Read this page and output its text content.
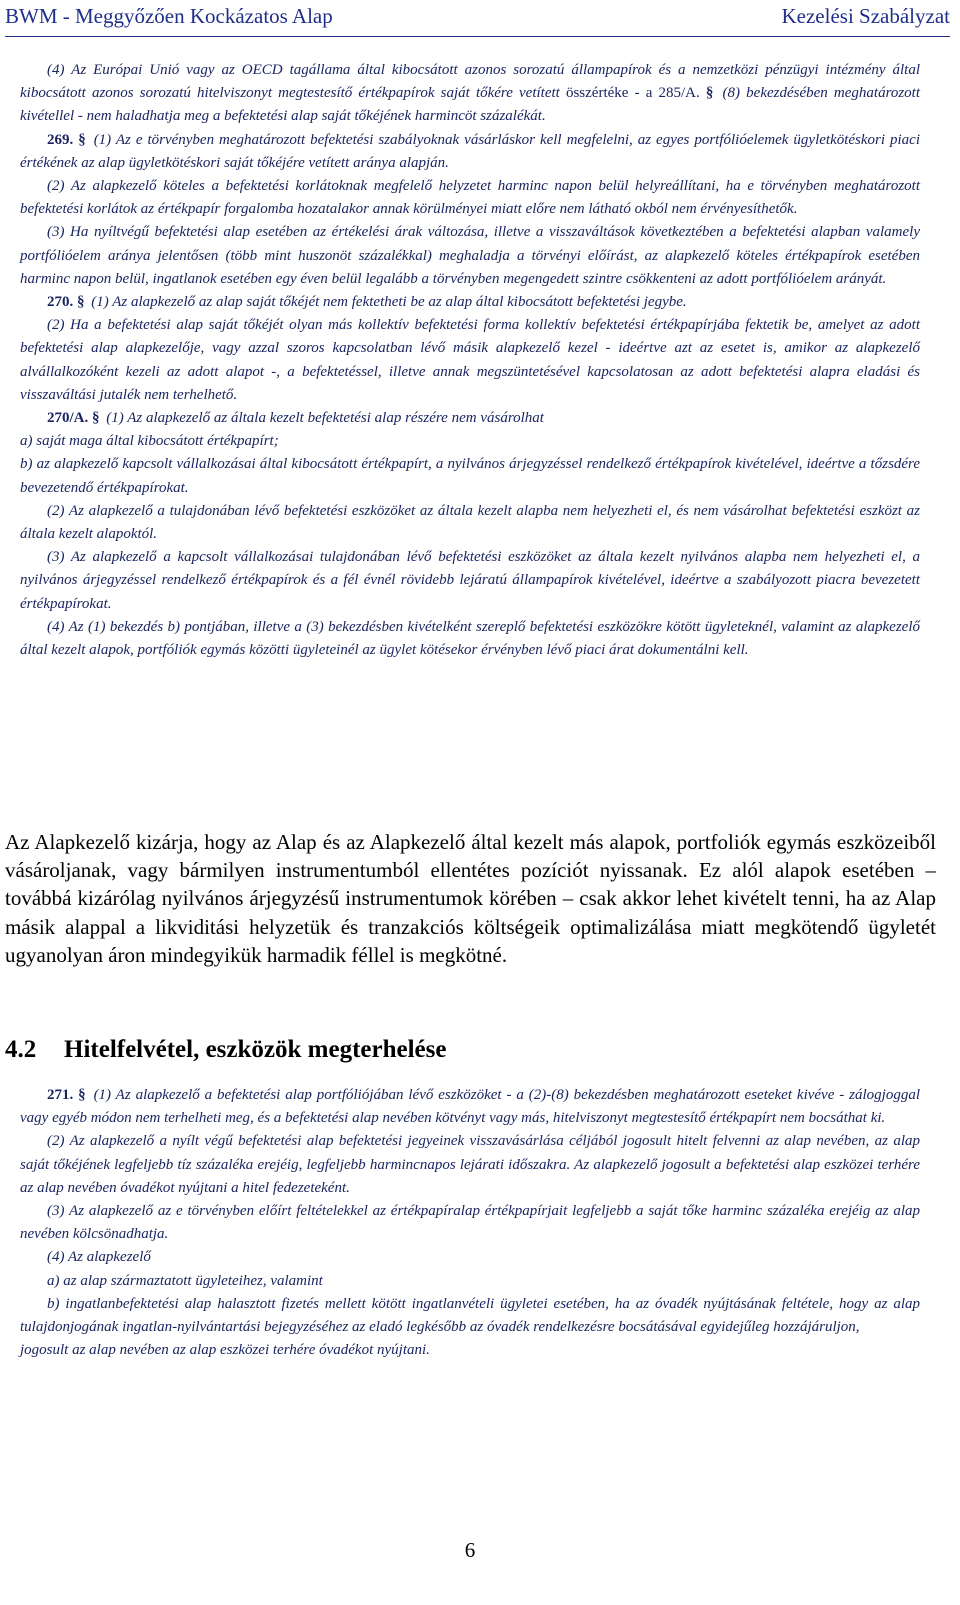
BWM - Meggyőzően Kockázatos Alap	Kezelési Szabályzat

(4) Az Európai Unió vagy az OECD tagállama által kibocsátott azonos sorozatú állampapírok és a nemzetközi pénzügyi intézmény által kibocsátott azonos sorozatú hitelviszonyt megtestesítő értékpapírok saját tőkére vetített összértéke - a 285/A. § (8) bekezdésében meghatározott kivétellel - nem haladhatja meg a befektetési alap saját tőkéjének harmincöt százalékát.

269. § (1) Az e törvényben meghatározott befektetési szabályoknak vásárláskor kell megfelelni, az egyes portfólióelemek ügyletkötéskori piaci értékének az alap ügyletkötéskori saját tőkéjére vetített aránya alapján.

(2) Az alapkezelő köteles a befektetési korlátoknak megfelelő helyzetet harminc napon belül helyreállítani, ha e törvényben meghatározott befektetési korlátok az értékpapír forgalomba hozatalakor annak körülményei miatt előre nem látható okból nem érvényesíthetők.

(3) Ha nyíltvégű befektetési alap esetében az értékelési árak változása, illetve a visszaváltások következtében a befektetési alapban valamely portfólióelem aránya jelentősen (több mint huszonöt százalékkal) meghaladja a törvényi előírást, az alapkezelő köteles értékpapírok esetében harminc napon belül, ingatlanok esetében egy éven belül legalább a törvényben megengedett szintre csökkenteni az adott portfólióelem arányát.

270. § (1) Az alapkezelő az alap saját tőkéjét nem fektetheti be az alap által kibocsátott befektetési jegybe.

(2) Ha a befektetési alap saját tőkéjét olyan más kollektív befektetési forma kollektív befektetési értékpapírjába fektetik be, amelyet az adott befektetési alap alapkezelője, vagy azzal szoros kapcsolatban lévő másik alapkezelő kezel - ideértve azt az esetet is, amikor az alapkezelő alvállalkozóként kezeli az adott alapot -, a befektetéssel, illetve annak megszüntetésével kapcsolatosan az adott befektetési alapra eladási és visszaváltási jutalék nem terhelhető.

270/A. § (1) Az alapkezelő az általa kezelt befektetési alap részére nem vásárolhat

a) saját maga által kibocsátott értékpapírt;

b) az alapkezelő kapcsolt vállalkozásai által kibocsátott értékpapírt, a nyilvános árjegyzéssel rendelkező értékpapírok kivételével, ideértve a tőzsdére bevezetendő értékpapírokat.

(2) Az alapkezelő a tulajdonában lévő befektetési eszközöket az általa kezelt alapba nem helyezheti el, és nem vásárolhat befektetési eszközt az általa kezelt alapoktól.

(3) Az alapkezelő a kapcsolt vállalkozásai tulajdonában lévő befektetési eszközöket az általa kezelt nyilvános alapba nem helyezheti el, a nyilvános árjegyzéssel rendelkező értékpapírok és a fél évnél rövidebb lejáratú állampapírok kivételével, ideértve a szabályozott piacra bevezetett értékpapírokat.

(4) Az (1) bekezdés b) pontjában, illetve a (3) bekezdésben kivételként szereplő befektetési eszközökre kötött ügyleteknél, valamint az alapkezelő által kezelt alapok, portfóliók egymás közötti ügyleteinél az ügylet kötésekor érvényben lévő piaci árat dokumentálni kell.

Az Alapkezelő kizárja, hogy az Alap és az Alapkezelő által kezelt más alapok, portfoliók egymás eszközeiből vásároljanak, vagy bármilyen instrumentumból ellentétes pozíciót nyissanak. Ez alól alapok esetében – továbbá kizárólag nyilvános árjegyzésű instrumentumok körében – csak akkor lehet kivételt tenni, ha az Alap másik alappal a likviditási helyzetük és tranzakciós költségeik optimalizálása miatt megkötendő ügyletét ugyanolyan áron mindegyikük harmadik féllel is megkötné.

4.2 Hitelfelvétel, eszközök megterhelése

271. § (1) Az alapkezelő a befektetési alap portfóliójában lévő eszközöket - a (2)-(8) bekezdésben meghatározott eseteket kivéve - zálogjoggal vagy egyéb módon nem terhelheti meg, és a befektetési alap nevében kötvényt vagy más, hitelviszonyt megtestesítő értékpapírt nem bocsáthat ki.

(2) Az alapkezelő a nyílt végű befektetési alap befektetési jegyeinek visszavásárlása céljából jogosult hitelt felvenni az alap nevében, az alap saját tőkéjének legfeljebb tíz százaléka erejéig, legfeljebb harmincnapos lejárati időszakra. Az alapkezelő jogosult a befektetési alap eszközei terhére az alap nevében óvadékot nyújtani a hitel fedezeteként.

(3) Az alapkezelő az e törvényben előírt feltételekkel az értékpapíralap értékpapírjait legfeljebb a saját tőke harminc százaléka erejéig az alap nevében kölcsönadhatja.

(4) Az alapkezelő

a) az alap származtatott ügyleteihez, valamint

b) ingatlanbefektetési alap halasztott fizetés mellett kötött ingatlanvételi ügyletei esetében, ha az óvadék nyújtásának feltétele, hogy az alap tulajdonjogának ingatlan-nyilvántartási bejegyzéséhez az eladó legkésőbb az óvadék rendelkezésre bocsátásával egyidejűleg hozzájáruljon,

jogosult az alap nevében az alap eszközei terhére óvadékot nyújtani.

6
